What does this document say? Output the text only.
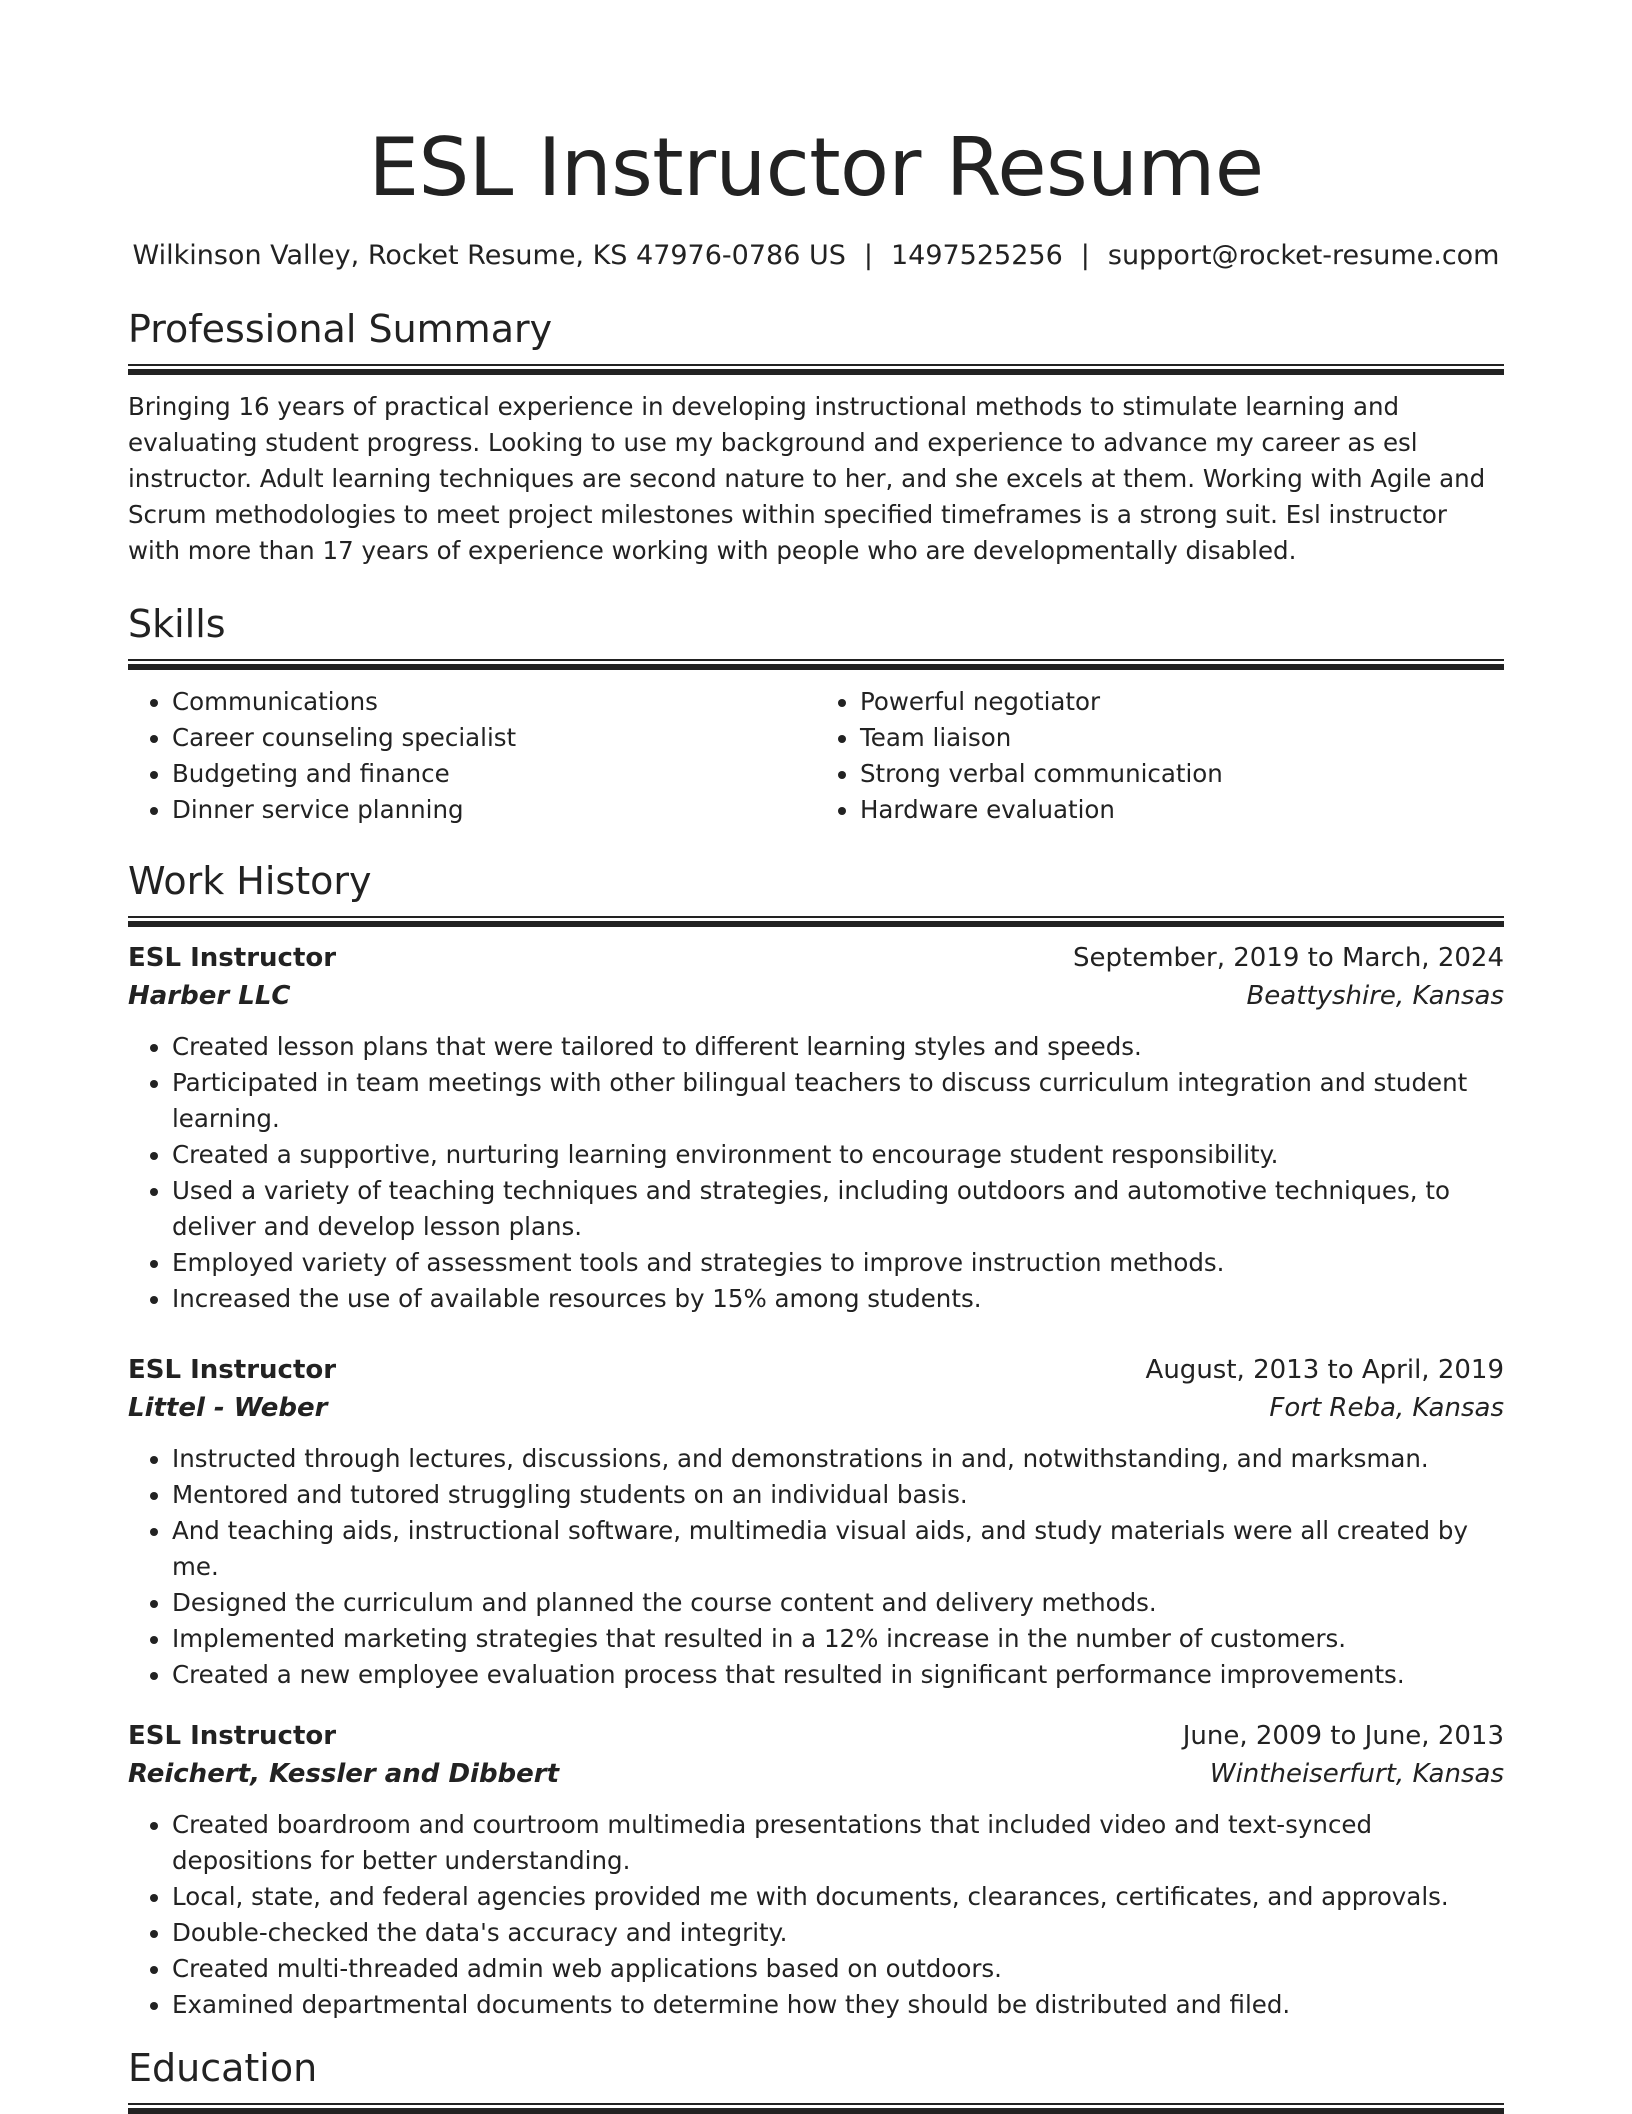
ESL Instructor Resume
Wilkinson Valley, Rocket Resume, KS 47976-0786 US | 1497525256 | support@rocket-resume.com
Professional Summary

Bringing 16 years of practical experience in developing instructional methods to stimulate learning and evaluating student progress. Looking to use my background and experience to advance my career as esl instructor. Adult learning techniques are second nature to her, and she excels at them. Working with Agile and Scrum methodologies to meet project milestones within specified timeframes is a strong suit. Esl instructor with more than 17 years of experience working with people who are developmentally disabled.

Skills
• Communications
• Career counseling specialist
• Budgeting and finance
• Dinner service planning
• Powerful negotiator
• Team liaison
• Strong verbal communication
• Hardware evaluation
Work History
ESL Instructor	September, 2019 to March, 2024
Harber LLC	Beattyshire, Kansas
• Created lesson plans that were tailored to different learning styles and speeds.
• Participated in team meetings with other bilingual teachers to discuss curriculum integration and student learning.
• Created a supportive, nurturing learning environment to encourage student responsibility.
• Used a variety of teaching techniques and strategies, including outdoors and automotive techniques, to deliver and develop lesson plans.
• Employed variety of assessment tools and strategies to improve instruction methods.
• Increased the use of available resources by 15% among students.
ESL Instructor	August, 2013 to April, 2019
Littel - Weber	Fort Reba, Kansas
• Instructed through lectures, discussions, and demonstrations in and, notwithstanding, and marksman.
• Mentored and tutored struggling students on an individual basis.
• And teaching aids, instructional software, multimedia visual aids, and study materials were all created by me.
• Designed the curriculum and planned the course content and delivery methods.
• Implemented marketing strategies that resulted in a 12% increase in the number of customers.
• Created a new employee evaluation process that resulted in significant performance improvements.
ESL Instructor	June, 2009 to June, 2013
Reichert, Kessler and Dibbert	Wintheiserfurt, Kansas
• Created boardroom and courtroom multimedia presentations that included video and text-synced depositions for better understanding.
• Local, state, and federal agencies provided me with documents, clearances, certificates, and approvals.
• Double-checked the data's accuracy and integrity.
• Created multi-threaded admin web applications based on outdoors.
• Examined departmental documents to determine how they should be distributed and filed.
Education
